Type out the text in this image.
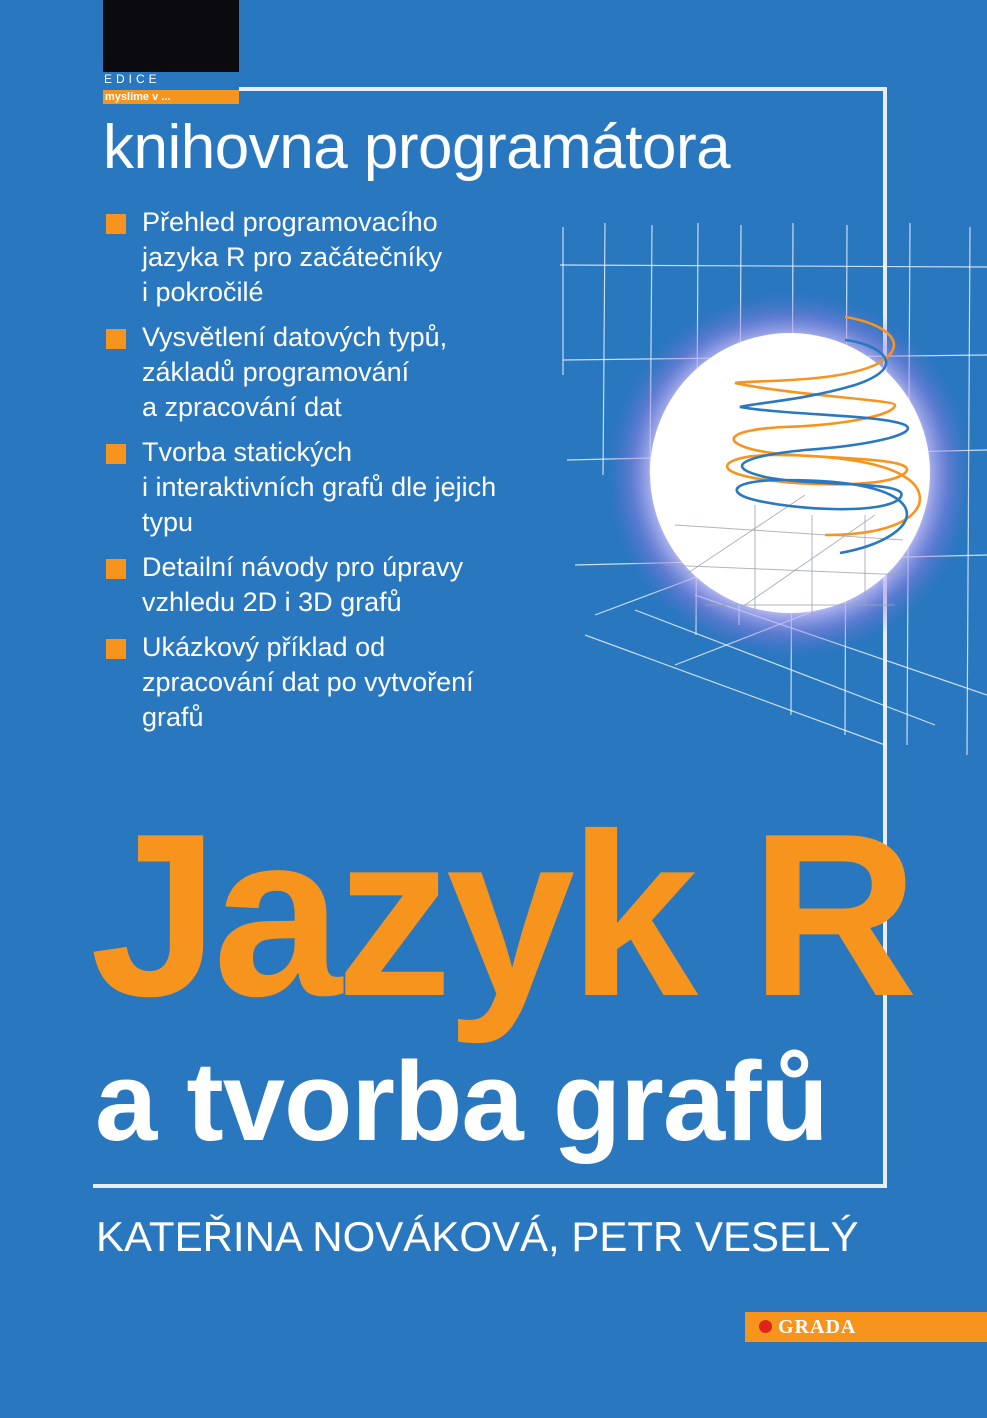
EDICE
myslíme v ...
knihovna programátora
Přehled programovacího
jazyka R pro začátečníky
i pokročilé
Vysvětlení datových typů,
základů programování
a zpracování dat
Tvorba statických
i interaktivních grafů dle jejich
typu
Detailní návody pro úpravy
vzhledu 2D i 3D grafů
Ukázkový příklad od
zpracování dat po vytvoření
grafů
Jazyk R
a tvorba grafů
KATEŘINA NOVÁKOVÁ, PETR VESELÝ
GRADA
